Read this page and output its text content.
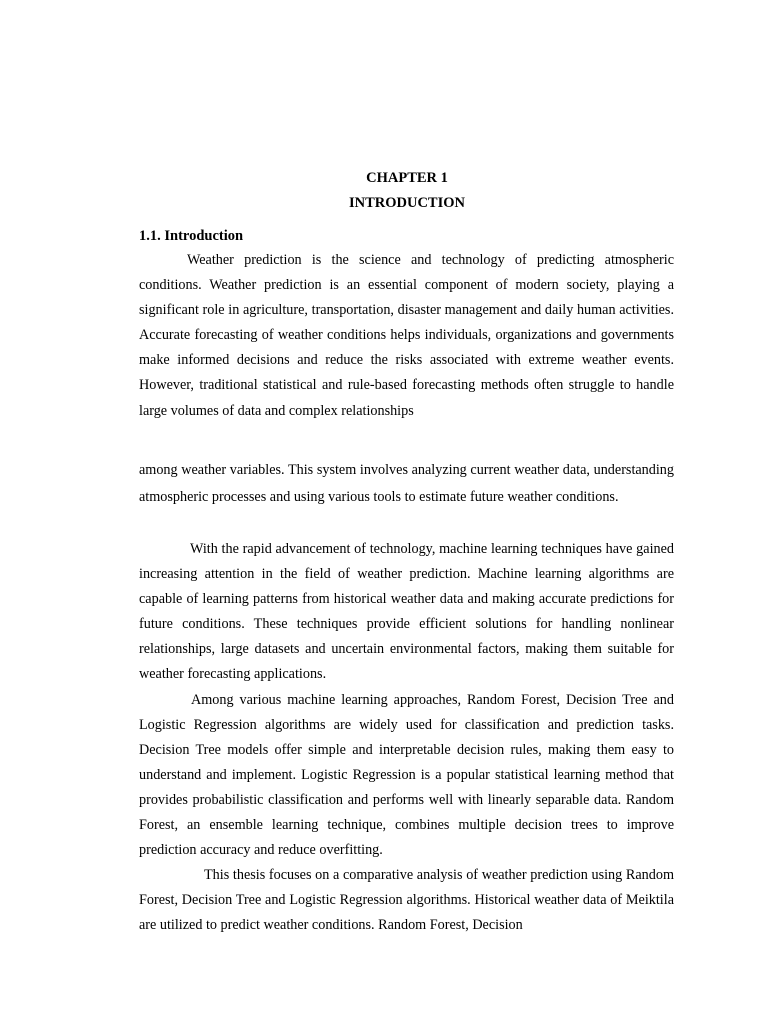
CHAPTER 1
INTRODUCTION
1.1. Introduction

Weather prediction is the science and technology of predicting atmospheric conditions. Weather prediction is an essential component of modern society, playing a significant role in agriculture, transportation, disaster management and daily human activities. Accurate forecasting of weather conditions helps individuals, organizations and governments make informed decisions and reduce the risks associated with extreme weather events. However, traditional statistical and rule-based forecasting methods often struggle to handle large volumes of data and complex relationships

among weather variables. This system involves analyzing current weather data, understanding atmospheric processes and using various tools to estimate future weather conditions.

With the rapid advancement of technology, machine learning techniques have gained increasing attention in the field of weather prediction. Machine learning algorithms are capable of learning patterns from historical weather data and making accurate predictions for future conditions. These techniques provide efficient solutions for handling nonlinear relationships, large datasets and uncertain environmental factors, making them suitable for weather forecasting applications.

Among various machine learning approaches, Random Forest, Decision Tree and Logistic Regression algorithms are widely used for classification and prediction tasks. Decision Tree models offer simple and interpretable decision rules, making them easy to understand and implement. Logistic Regression is a popular statistical learning method that provides probabilistic classification and performs well with linearly separable data. Random Forest, an ensemble learning technique, combines multiple decision trees to improve prediction accuracy and reduce overfitting.

This thesis focuses on a comparative analysis of weather prediction using Random Forest, Decision Tree and Logistic Regression algorithms. Historical weather data of Meiktila are utilized to predict weather conditions. Random Forest, Decision
